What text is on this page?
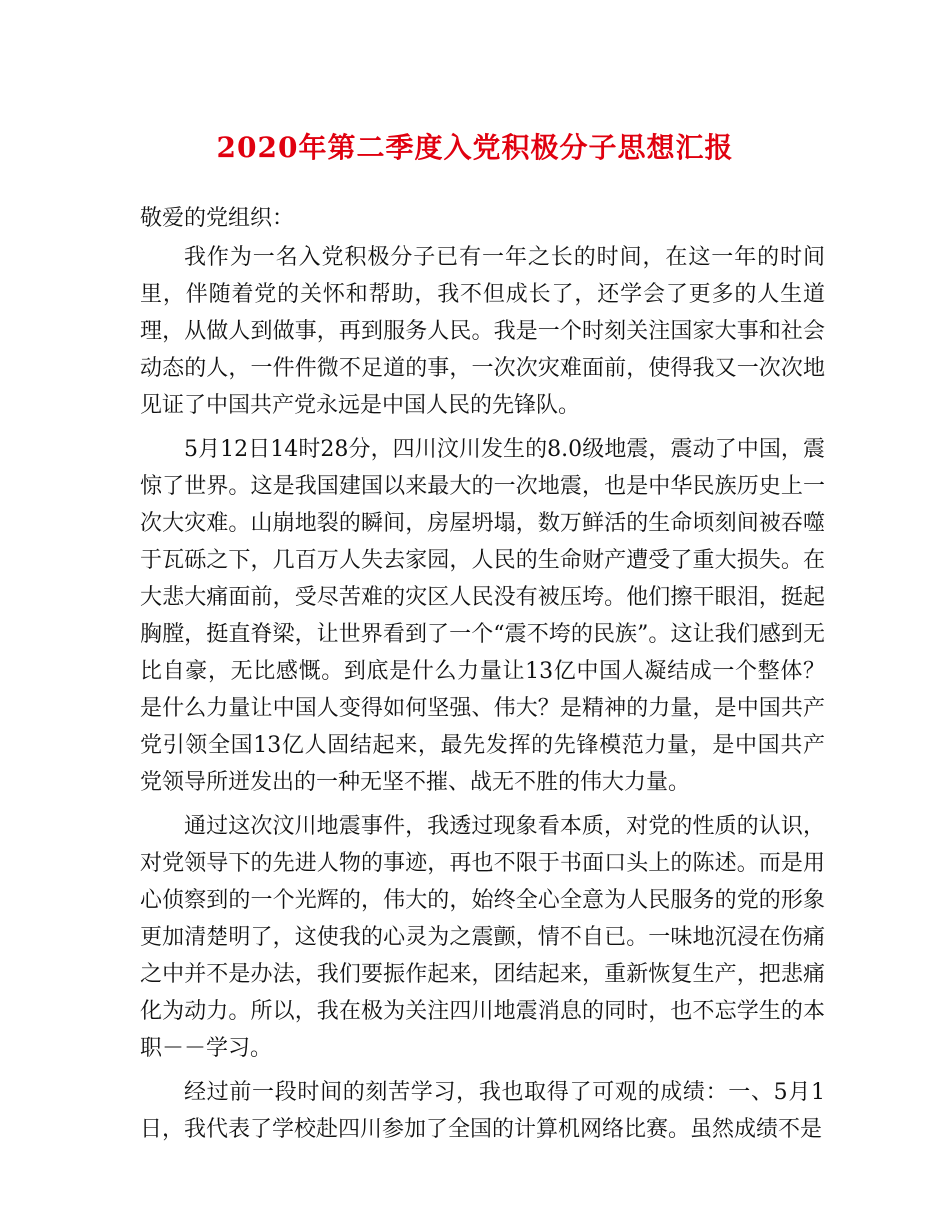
2020年第二季度入党积极分子思想汇报
敬爱的党组织：

我作为一名入党积极分子已有一年之长的时间，在这一年的时间里，伴随着党的关怀和帮助，我不但成长了，还学会了更多的人生道理，从做人到做事，再到服务人民。我是一个时刻关注国家大事和社会动态的人，一件件微不足道的事，一次次灾难面前，使得我又一次次地见证了中国共产党永远是中国人民的先锋队。

5月12日14时28分，四川汶川发生的8.0级地震，震动了中国，震惊了世界。这是我国建国以来最大的一次地震，也是中华民族历史上一次大灾难。山崩地裂的瞬间，房屋坍塌，数万鲜活的生命顷刻间被吞噬于瓦砾之下，几百万人失去家园，人民的生命财产遭受了重大损失。在大悲大痛面前，受尽苦难的灾区人民没有被压垮。他们擦干眼泪，挺起胸膛，挺直脊梁，让世界看到了一个“震不垮的民族”。这让我们感到无比自豪，无比感慨。到底是什么力量让13亿中国人凝结成一个整体？是什么力量让中国人变得如何坚强、伟大？是精神的力量，是中国共产党引领全国13亿人固结起来，最先发挥的先锋模范力量，是中国共产党领导所迸发出的一种无坚不摧、战无不胜的伟大力量。

通过这次汶川地震事件，我透过现象看本质，对党的性质的认识，对党领导下的先进人物的事迹，再也不限于书面口头上的陈述。而是用心侦察到的一个光辉的，伟大的，始终全心全意为人民服务的党的形象更加清楚明了，这使我的心灵为之震颤，情不自已。一味地沉浸在伤痛之中并不是办法，我们要振作起来，团结起来，重新恢复生产，把悲痛化为动力。所以，我在极为关注四川地震消息的同时，也不忘学生的本职－－学习。

经过前一段时间的刻苦学习，我也取得了可观的成绩：一、5月1日，我代表了学校赴四川参加了全国的计算机网络比赛。虽然成绩不是
